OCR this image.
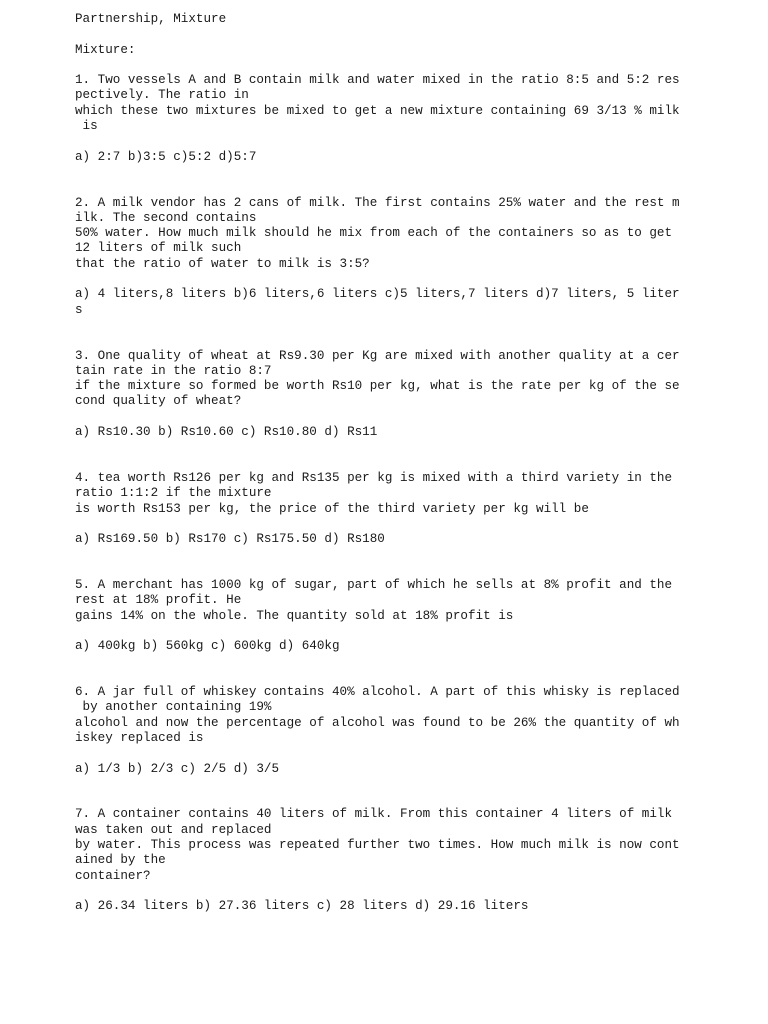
Partnership, Mixture

Mixture:

1. Two vessels A and B contain milk and water mixed in the ratio 8:5 and 5:2 res
pectively. The ratio in
which these two mixtures be mixed to get a new mixture containing 69 3/13 % milk
is

a) 2:7 b)3:5 c)5:2 d)5:7

2. A milk vendor has 2 cans of milk. The first contains 25% water and the rest m
ilk. The second contains
50% water. How much milk should he mix from each of the containers so as to get
12 liters of milk such
that the ratio of water to milk is 3:5?

a) 4 liters,8 liters b)6 liters,6 liters c)5 liters,7 liters d)7 liters, 5 liter
s

3. One quality of wheat at Rs9.30 per Kg are mixed with another quality at a cer
tain rate in the ratio 8:7
if the mixture so formed be worth Rs10 per kg, what is the rate per kg of the se
cond quality of wheat?

a) Rs10.30 b) Rs10.60 c) Rs10.80 d) Rs11

4. tea worth Rs126 per kg and Rs135 per kg is mixed with a third variety in the
ratio 1:1:2 if the mixture
is worth Rs153 per kg, the price of the third variety per kg will be

a) Rs169.50 b) Rs170 c) Rs175.50 d) Rs180

5. A merchant has 1000 kg of sugar, part of which he sells at 8% profit and the
rest at 18% profit. He
gains 14% on the whole. The quantity sold at 18% profit is

a) 400kg b) 560kg c) 600kg d) 640kg

6. A jar full of whiskey contains 40% alcohol. A part of this whisky is replaced
by another containing 19%
alcohol and now the percentage of alcohol was found to be 26% the quantity of wh
iskey replaced is

a) 1/3 b) 2/3 c) 2/5 d) 3/5

7. A container contains 40 liters of milk. From this container 4 liters of milk
was taken out and replaced
by water. This process was repeated further two times. How much milk is now cont
ained by the
container?

a) 26.34 liters b) 27.36 liters c) 28 liters d) 29.16 liters
